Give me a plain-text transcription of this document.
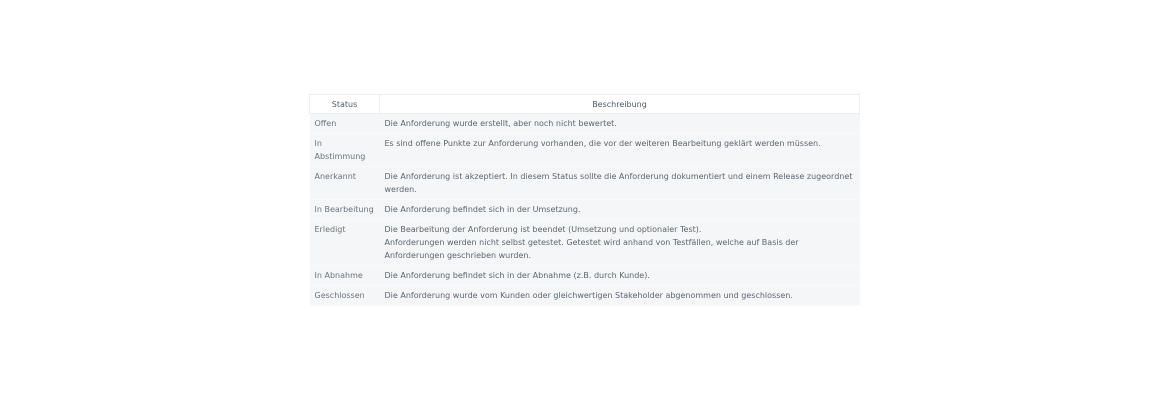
Status	Beschreibung
Offen	Die Anforderung wurde erstellt, aber noch nicht bewertet.

In Abstimmung	Es sind offene Punkte zur Anforderung vorhanden, die vor der weiteren Bearbeitung geklärt werden müssen.

Anerkannt	Die Anforderung ist akzeptiert. In diesem Status sollte die Anforderung dokumentiert und einem Release zugeordnet werden.

In Bearbeitung	Die Anforderung befindet sich in der Umsetzung.

Erledigt	Die Bearbeitung der Anforderung ist beendet (Umsetzung und optionaler Test).
Anforderungen werden nicht selbst getestet. Getestet wird anhand von Testfällen, welche auf Basis der Anforderungen geschrieben wurden.

In Abnahme	Die Anforderung befindet sich in der Abnahme (z.B. durch Kunde).

Geschlossen	Die Anforderung wurde vom Kunden oder gleichwertigen Stakeholder abgenommen und geschlossen.
